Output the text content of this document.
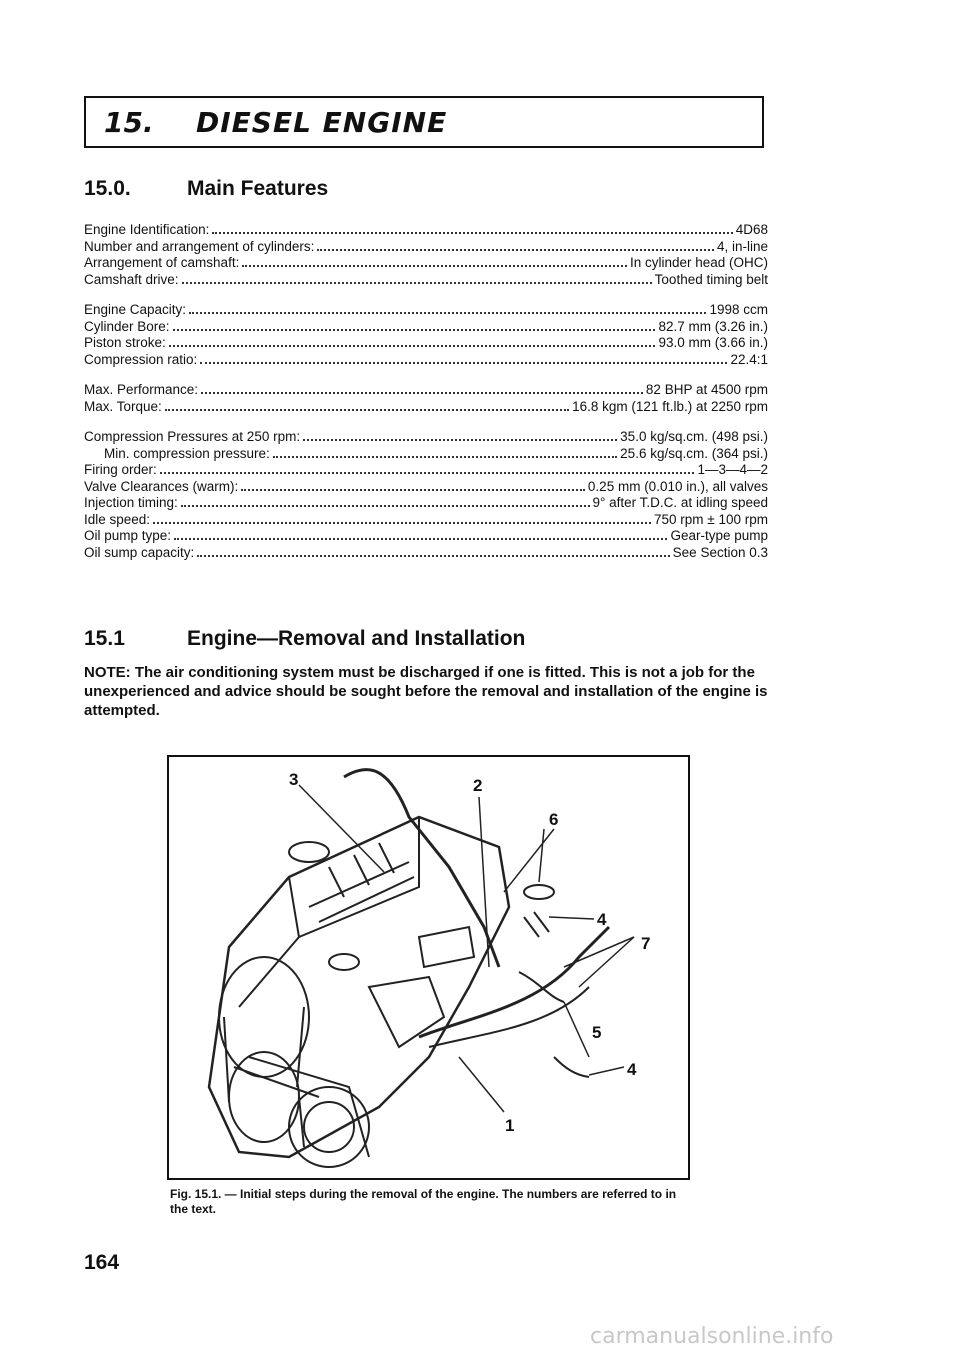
15. DIESEL ENGINE
15.0.	Main Features
Engine Identification:	4D68
Number and arrangement of cylinders:	4, in-line
Arrangement of camshaft:	In cylinder head (OHC)
Camshaft drive:	Toothed timing belt
Engine Capacity:	1998 ccm
Cylinder Bore:	82.7 mm (3.26 in.)
Piston stroke:	93.0 mm (3.66 in.)
Compression ratio:	22.4:1
Max. Performance:	82 BHP at 4500 rpm
Max. Torque:	16.8 kgm (121 ft.lb.) at 2250 rpm
Compression Pressures at 250 rpm:	35.0 kg/sq.cm. (498 psi.)
Min. compression pressure:	25.6 kg/sq.cm. (364 psi.)
Firing order:	1—3—4—2
Valve Clearances (warm):	0.25 mm (0.010 in.), all valves
Injection timing:	9° after T.D.C. at idling speed
Idle speed:	750 rpm ± 100 rpm
Oil pump type:	Gear-type pump
Oil sump capacity:	See Section 0.3
15.1	Engine—Removal and Installation
NOTE: The air conditioning system must be discharged if one is fitted. This is not a job for the unexperienced and advice should be sought before the removal and installation of the engine is attempted.
3	2
6
4
7
5
4
1
Fig. 15.1. — Initial steps during the removal of the engine. The numbers are referred to in the text.
164
carmanualsonline.info
